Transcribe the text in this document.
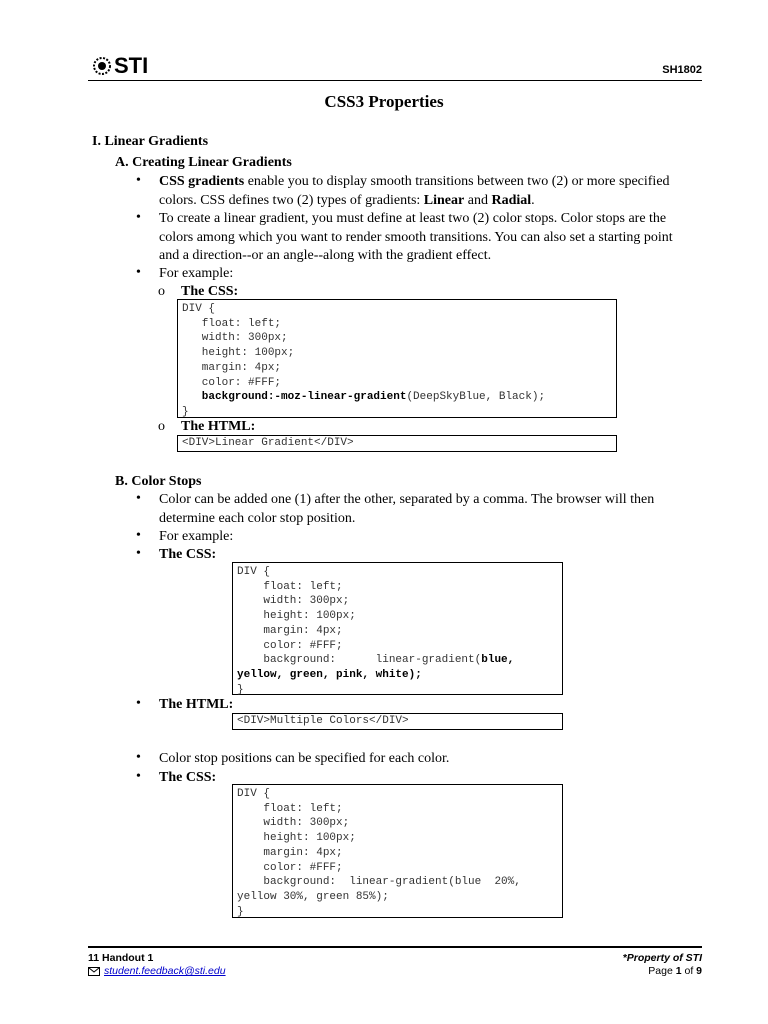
STI	SH1802
CSS3 Properties
I. Linear Gradients
A. Creating Linear Gradients
• CSS gradients enable you to display smooth transitions between two (2) or more specified
colors. CSS defines two (2) types of gradients: Linear and Radial.
• To create a linear gradient, you must define at least two (2) color stops. Color stops are the
colors among which you want to render smooth transitions. You can also set a starting point
and a direction--or an angle--along with the gradient effect.
• For example:
o The CSS:
DIV {
float: left;
width: 300px;
height: 100px;
margin: 4px;
color: #FFF;
background:-moz-linear-gradient(DeepSkyBlue, Black);
}
o The HTML:
<DIV>Linear Gradient</DIV>
B. Color Stops
• Color can be added one (1) after the other, separated by a comma. The browser will then
determine each color stop position.
• For example:
• The CSS:
DIV {
float: left;
width: 300px;
height: 100px;
margin: 4px;
color: #FFF;
background:      linear-gradient(blue,
yellow, green, pink, white);
}
• The HTML:
<DIV>Multiple Colors</DIV>
• Color stop positions can be specified for each color.
• The CSS:
DIV {
float: left;
width: 300px;
height: 100px;
margin: 4px;
color: #FFF;
background:  linear-gradient(blue  20%,
yellow 30%, green 85%);
}
11 Handout 1
student.feedback@sti.edu
*Property of STI
Page 1 of 9
